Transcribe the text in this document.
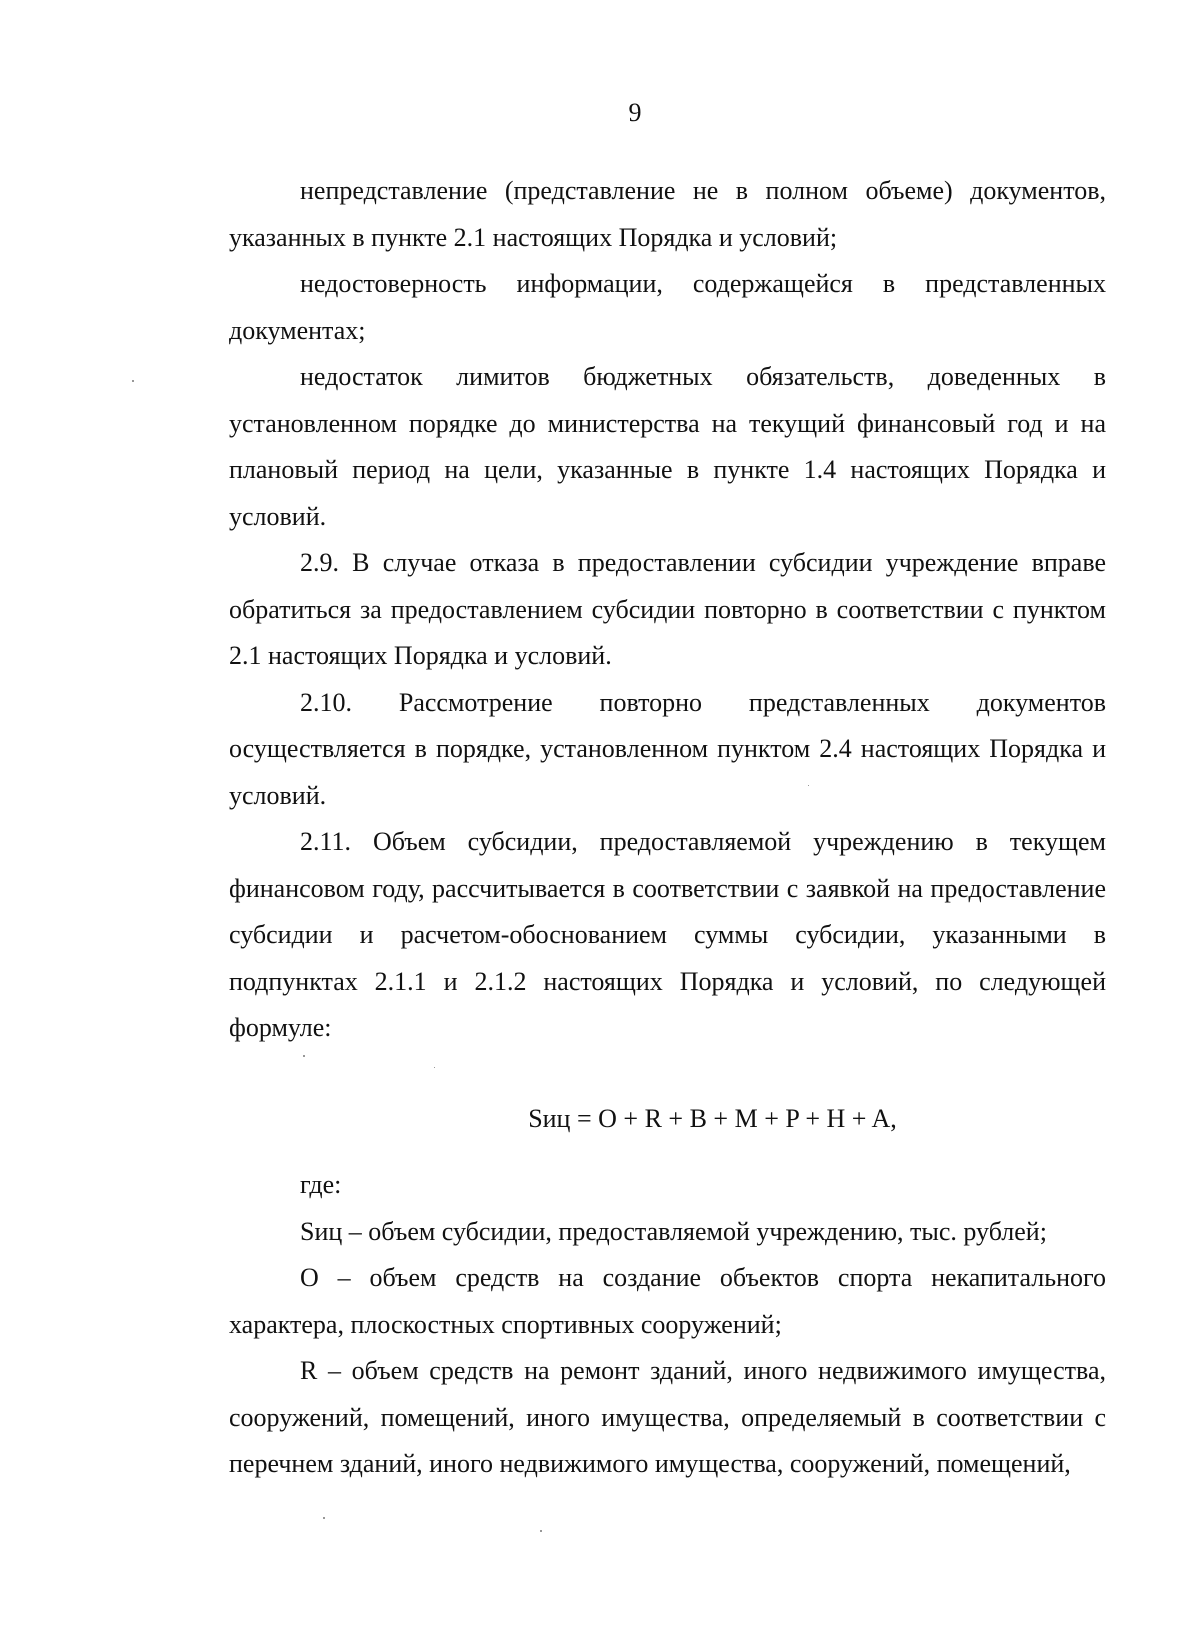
9

непредставление (представление не в полном объеме) документов, указанных в пункте 2.1 настоящих Порядка и условий;

недостоверность информации, содержащейся в представленных документах;

недостаток лимитов бюджетных обязательств, доведенных в установленном порядке до министерства на текущий финансовый год и на плановый период на цели, указанные в пункте 1.4 настоящих Порядка и условий.

2.9. В случае отказа в предоставлении субсидии учреждение вправе обратиться за предоставлением субсидии повторно в соответствии с пунктом 2.1 настоящих Порядка и условий.

2.10. Рассмотрение повторно представленных документов осуществляется в порядке, установленном пунктом 2.4 настоящих Порядка и условий.

2.11. Объем субсидии, предоставляемой учреждению в текущем финансовом году, рассчитывается в соответствии с заявкой на предоставление субсидии и расчетом-обоснованием суммы субсидии, указанными в подпунктах 2.1.1 и 2.1.2 настоящих Порядка и условий, по следующей формуле:

Sиц = O + R + B + M + P + H + A,

где:

Sиц – объем субсидии, предоставляемой учреждению, тыс. рублей;

O – объем средств на создание объектов спорта некапитального характера, плоскостных спортивных сооружений;

R – объем средств на ремонт зданий, иного недвижимого имущества, сооружений, помещений, иного имущества, определяемый в соответствии с перечнем зданий, иного недвижимого имущества, сооружений, помещений,
